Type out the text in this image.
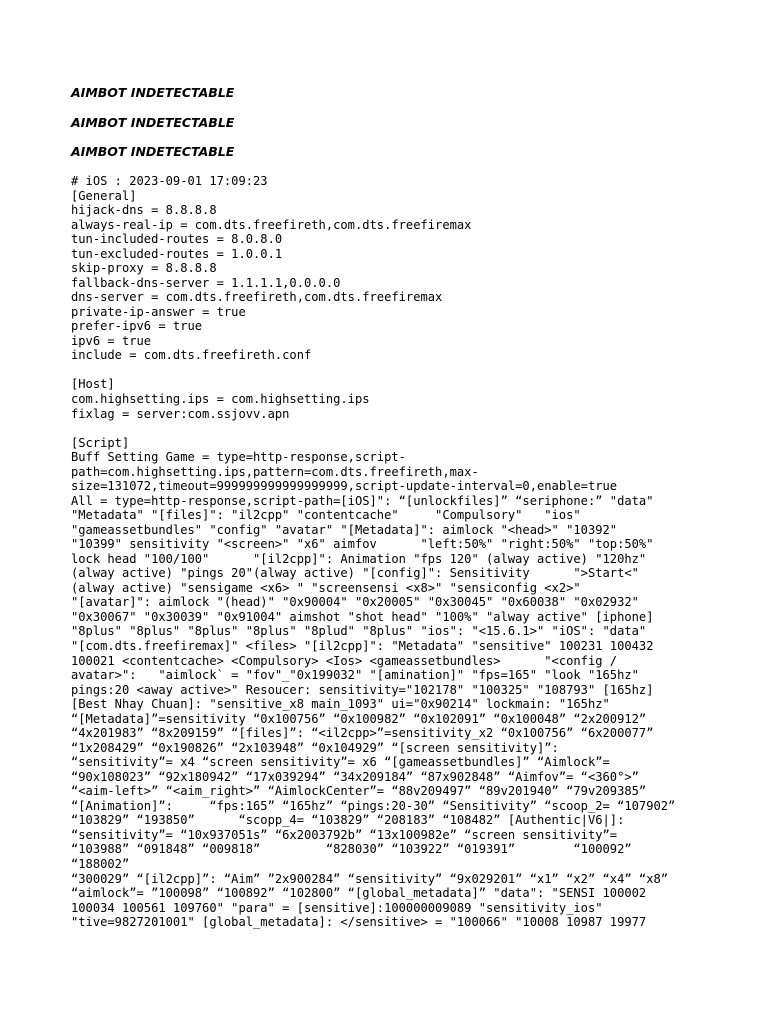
AIMBOT INDETECTABLE
AIMBOT INDETECTABLE
AIMBOT INDETECTABLE
# iOS : 2023-09-01 17:09:23
[General]
hijack-dns = 8.8.8.8
always-real-ip = com.dts.freefireth,com.dts.freefiremax
tun-included-routes = 8.0.8.0
tun-excluded-routes = 1.0.0.1
skip-proxy = 8.8.8.8
fallback-dns-server = 1.1.1.1,0.0.0.0
dns-server = com.dts.freefireth,com.dts.freefiremax
private-ip-answer = true
prefer-ipv6 = true
ipv6 = true
include = com.dts.freefireth.conf

[Host]
com.highsetting.ips = com.highsetting.ips
fixlag = server:com.ssjovv.apn

[Script]
Buff Setting Game = type=http-response,script-
path=com.highsetting.ips,pattern=com.dts.freefireth,max-
size=131072,timeout=999999999999999999,script-update-interval=0,enable=true
All = type=http-response,script-path=[iOS]": “[unlockfiles]” “seriphone:” "data"
"Metadata" "[files]": "il2cpp" "contentcache"     "Compulsory"   "ios"
"gameassetbundles" "config" "avatar" "[Metadata]": aimlock "<head>" "10392"
"10399" sensitivity "<screen>" "x6" aimfov      "left:50%" "right:50%" "top:50%"
lock head "100/100"      "[il2cpp]": Animation "fps 120" (alway active) "120hz"
(alway active) "pings 20"(alway active) "[config]": Sensitivity      ">Start<"
(alway active) "sensigame <x6> " "screensensi <x8>" "sensiconfig <x2>"
"[avatar]": aimlock "(head)" "0x90004" "0x20005" "0x30045" "0x60038" "0x02932"
"0x30067" "0x30039" "0x91004" aimshot "shot head" "100%" "alway active" [iphone]
"8plus" "8plus" "8plus" "8plus" "8plud" "8plus" "ios": "<15.6.1>" "iOS": "data"
"[com.dts.freefiremax]" <files> "[il2cpp]": "Metadata" "sensitive" 100231 100432
100021 <contentcache> <Compulsory> <Ios> <gameassetbundles>      "<config /
avatar>":   "aimlock` = "fov"_"0x199032" "[amination]" "fps=165" "look "165hz"
pings:20 <away active>" Resoucer: sensitivity="102178" "100325" "108793" [165hz]
[Best Nhay Chuan]: "sensitive_x8 main_1093" ui="0x90214" lockmain: "165hz"
“[Metadata]”=sensitivity “0x100756” “0x100982” “0x102091” “0x100048” “2x200912”
“4x201983” “8x209159” “[files]”: “<il2cpp>”=sensitivity_x2 “0x100756” “6x200077”
“1x208429” “0x190826” “2x103948” “0x104929” “[screen sensitivity]”:
“sensitivity”= x4 “screen sensitivity”= x6 “[gameassetbundles]” “Aimlock”=
“90x108023” “92x180942” “17x039294” “34x209184” “87x902848” “Aimfov”= “<360°>”
“<aim-left>” “<aim_right>” “AimlockCenter”= “88v209497” “89v201940” “79v209385”
“[Animation]”:     “fps:165” “165hz” “pings:20-30” “Sensitivity” “scoop_2= “107902”
“103829” “193850”      “scopp_4= “103829” “208183” “108482” [Authentic|V6|]:
“sensitivity”= “10x937051s” “6x2003792b” “13x100982e” “screen sensitivity”=
“103988” “091848” “009818”         “828030” “103922” “019391”        “100092”
“188002”
“300029” “[il2cpp]”: “Aim” ”2x900284” “sensitivity” “9x029201” “x1” “x2” “x4” “x8”
“aimlock”= ”100098” “100892” “102800” “[global_metadata]” "data": "SENSI 100002
100034 100561 109760" "para" = [sensitive]:100000009089 "sensitivity_ios"
"tive=9827201001" [global_metadata]: </sensitive> = "100066" "10008 10987 19977
